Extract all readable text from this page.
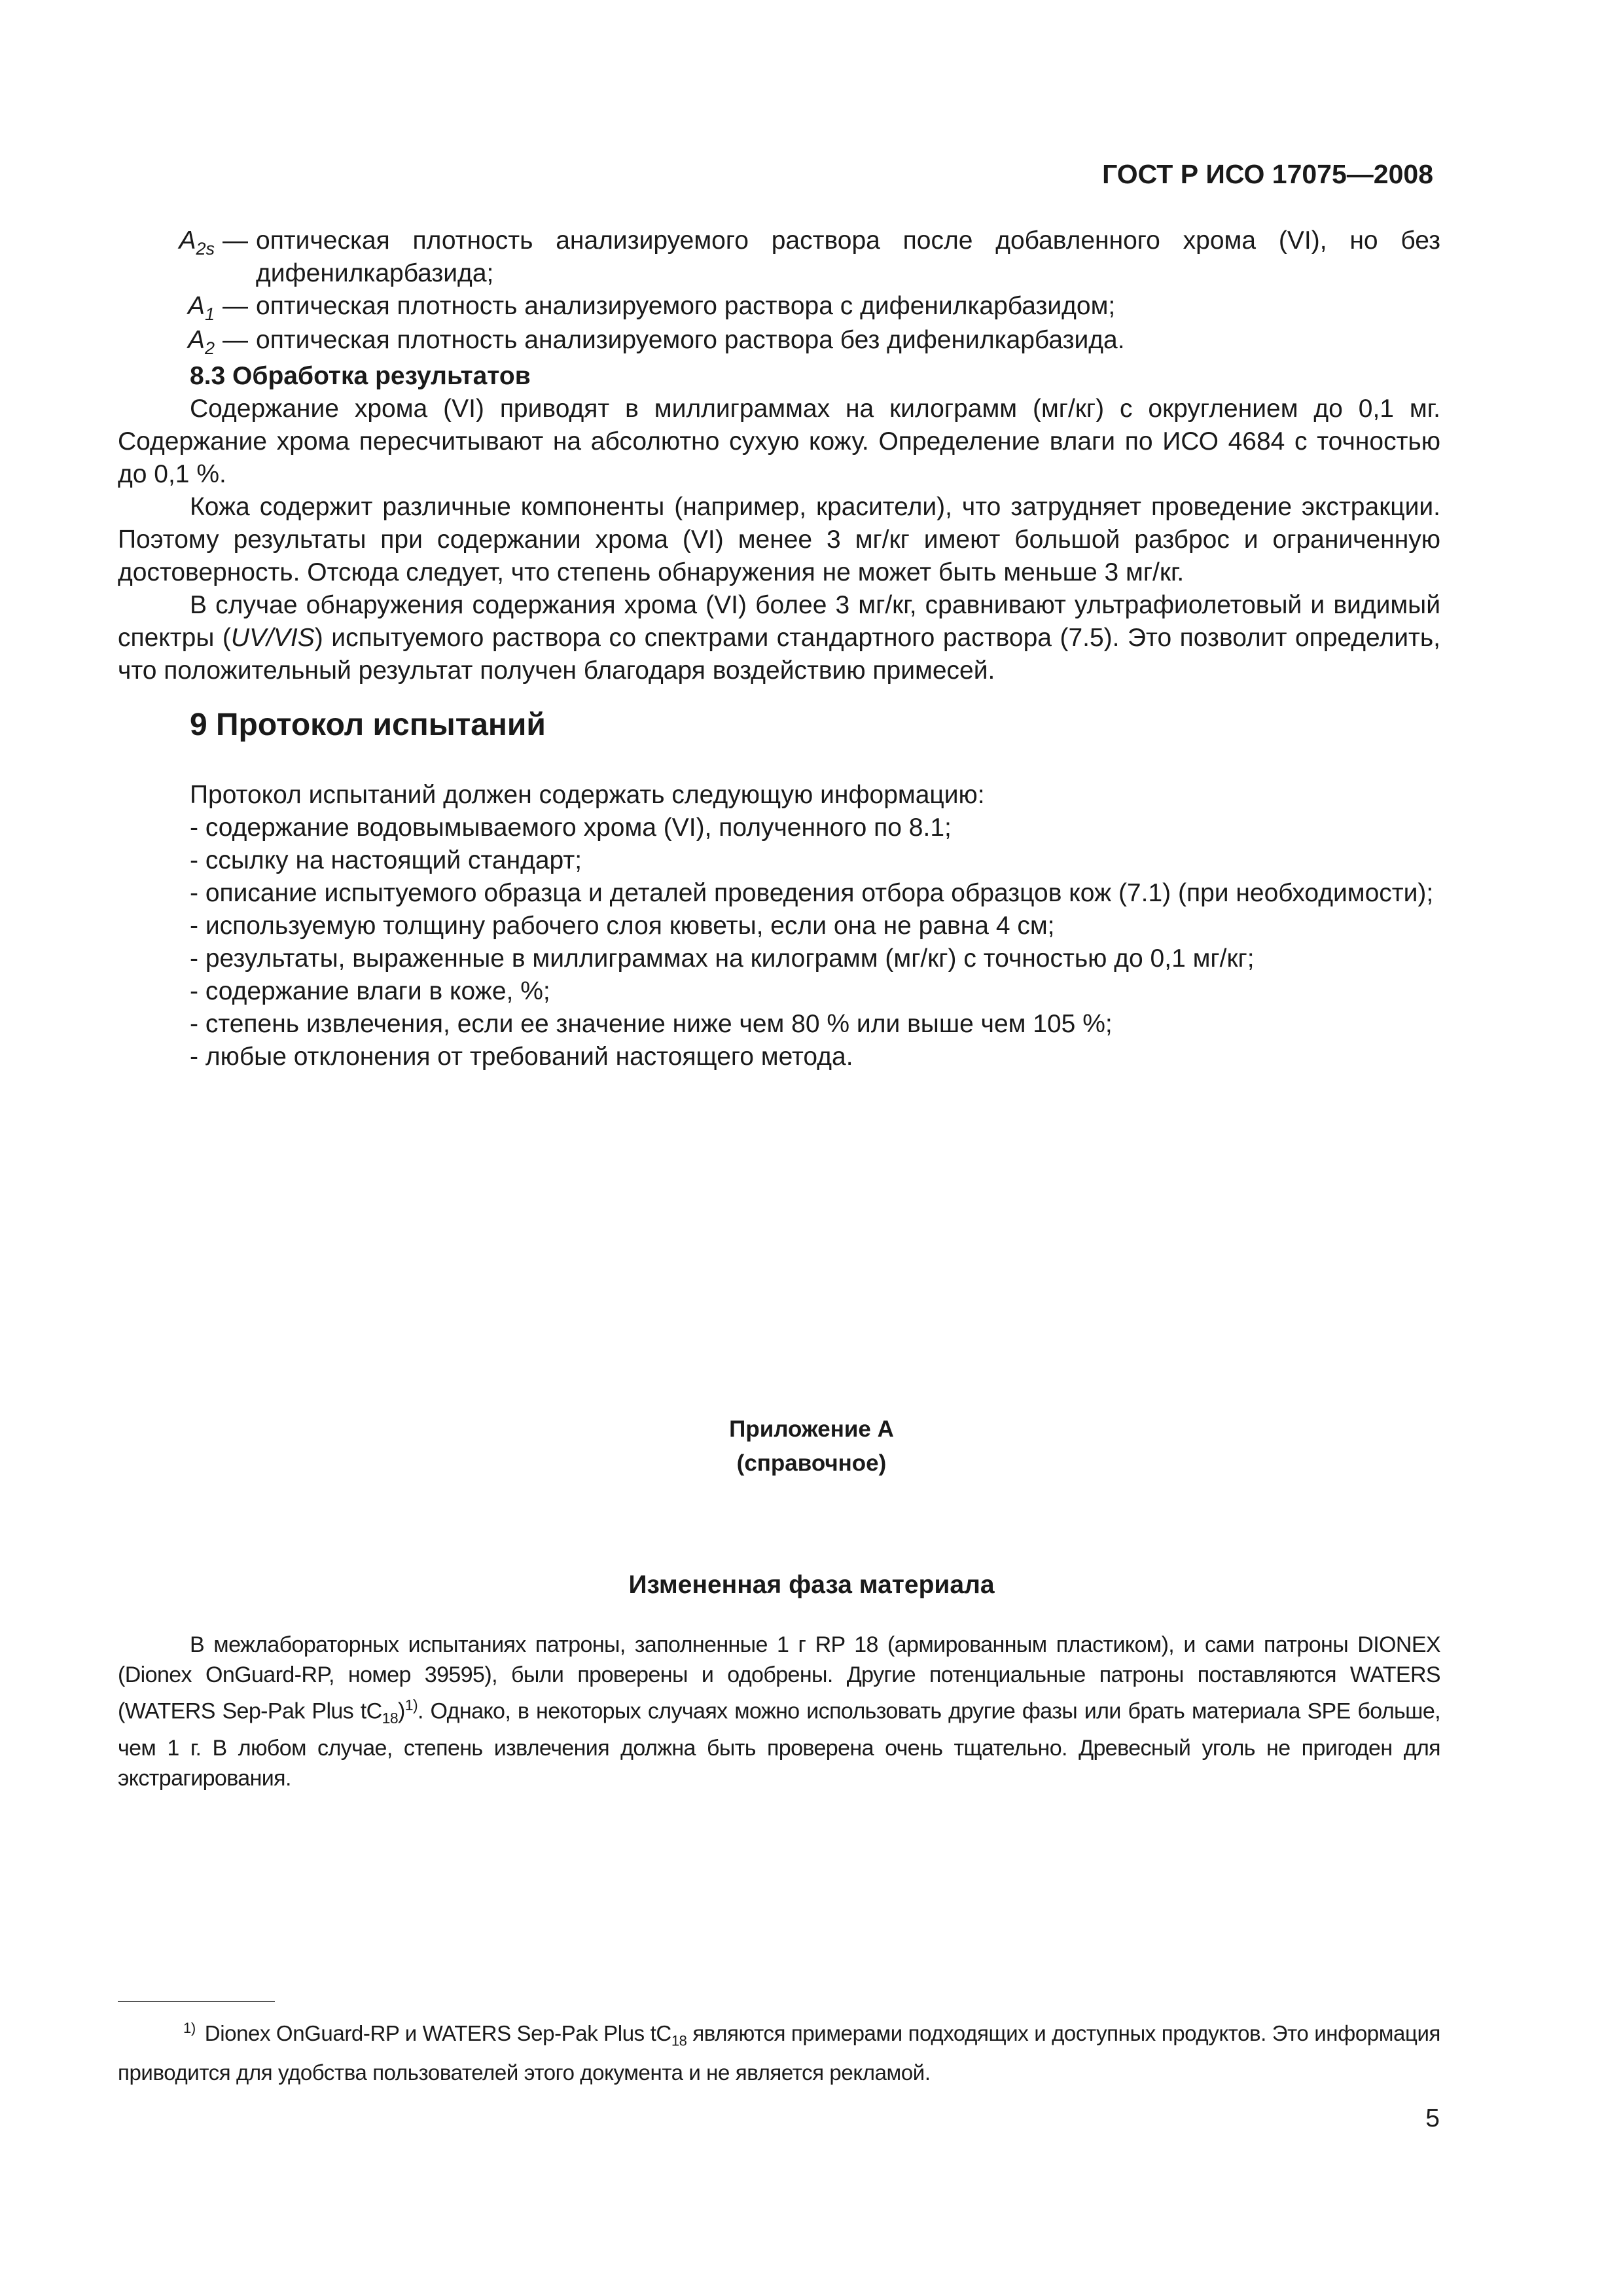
ГОСТ Р ИСО 17075—2008
$A_{2s}$ — оптическая плотность анализируемого раствора после добавленного хрома (VI), но без дифенилкарбазида;
$A_1$ — оптическая плотность анализируемого раствора с дифенилкарбазидом;
$A_2$ — оптическая плотность анализируемого раствора без дифенилкарбазида.
8.3 Обработка результатов

Содержание хрома (VI) приводят в миллиграммах на килограмм (мг/кг) с округлением до 0,1 мг. Содержание хрома пересчитывают на абсолютно сухую кожу. Определение влаги по ИСО 4684 с точностью до 0,1 %.

Кожа содержит различные компоненты (например, красители), что затрудняет проведение экстракции. Поэтому результаты при содержании хрома (VI) менее 3 мг/кг имеют большой разброс и ограниченную достоверность. Отсюда следует, что степень обнаружения не может быть меньше 3 мг/кг.

В случае обнаружения содержания хрома (VI) более 3 мг/кг, сравнивают ультрафиолетовый и видимый спектры (UV/VIS) испытуемого раствора со спектрами стандартного раствора (7.5). Это позволит определить, что положительный результат получен благодаря воздействию примесей.

9 Протокол испытаний
Протокол испытаний должен содержать следующую информацию:

- содержание водовымываемого хрома (VI), полученного по 8.1;

- ссылку на настоящий стандарт;

- описание испытуемого образца и деталей проведения отбора образцов кож (7.1) (при необходимости);

- используемую толщину рабочего слоя кюветы, если она не равна 4 см;

- результаты, выраженные в миллиграммах на килограмм (мг/кг) с точностью до 0,1 мг/кг;

- содержание влаги в коже, %;

- степень извлечения, если ее значение ниже чем 80 % или выше чем 105 %;

- любые отклонения от требований настоящего метода.

Приложение А
(справочное)
Измененная фаза материала

В межлабораторных испытаниях патроны, заполненные 1 г RP 18 (армированным пластиком), и сами патроны DIONEX (Dionex OnGuard-RP, номер 39595), были проверены и одобрены. Другие потенциальные патроны поставляются WATERS (WATERS Sep-Pak Plus $tC_{18})^{1)}$. Однако, в некоторых случаях можно использовать другие фазы или брать материала SPE больше, чем 1 г. В любом случае, степень извлечения должна быть проверена очень тщательно. Древесный уголь не пригоден для экстрагирования.

$^{1)}$ Dionex OnGuard-RP и WATERS Sep-Pak Plus $tC_{18}$ являются примерами подходящих и доступных продуктов. Это информация приводится для удобства пользователей этого документа и не является рекламой.

5
